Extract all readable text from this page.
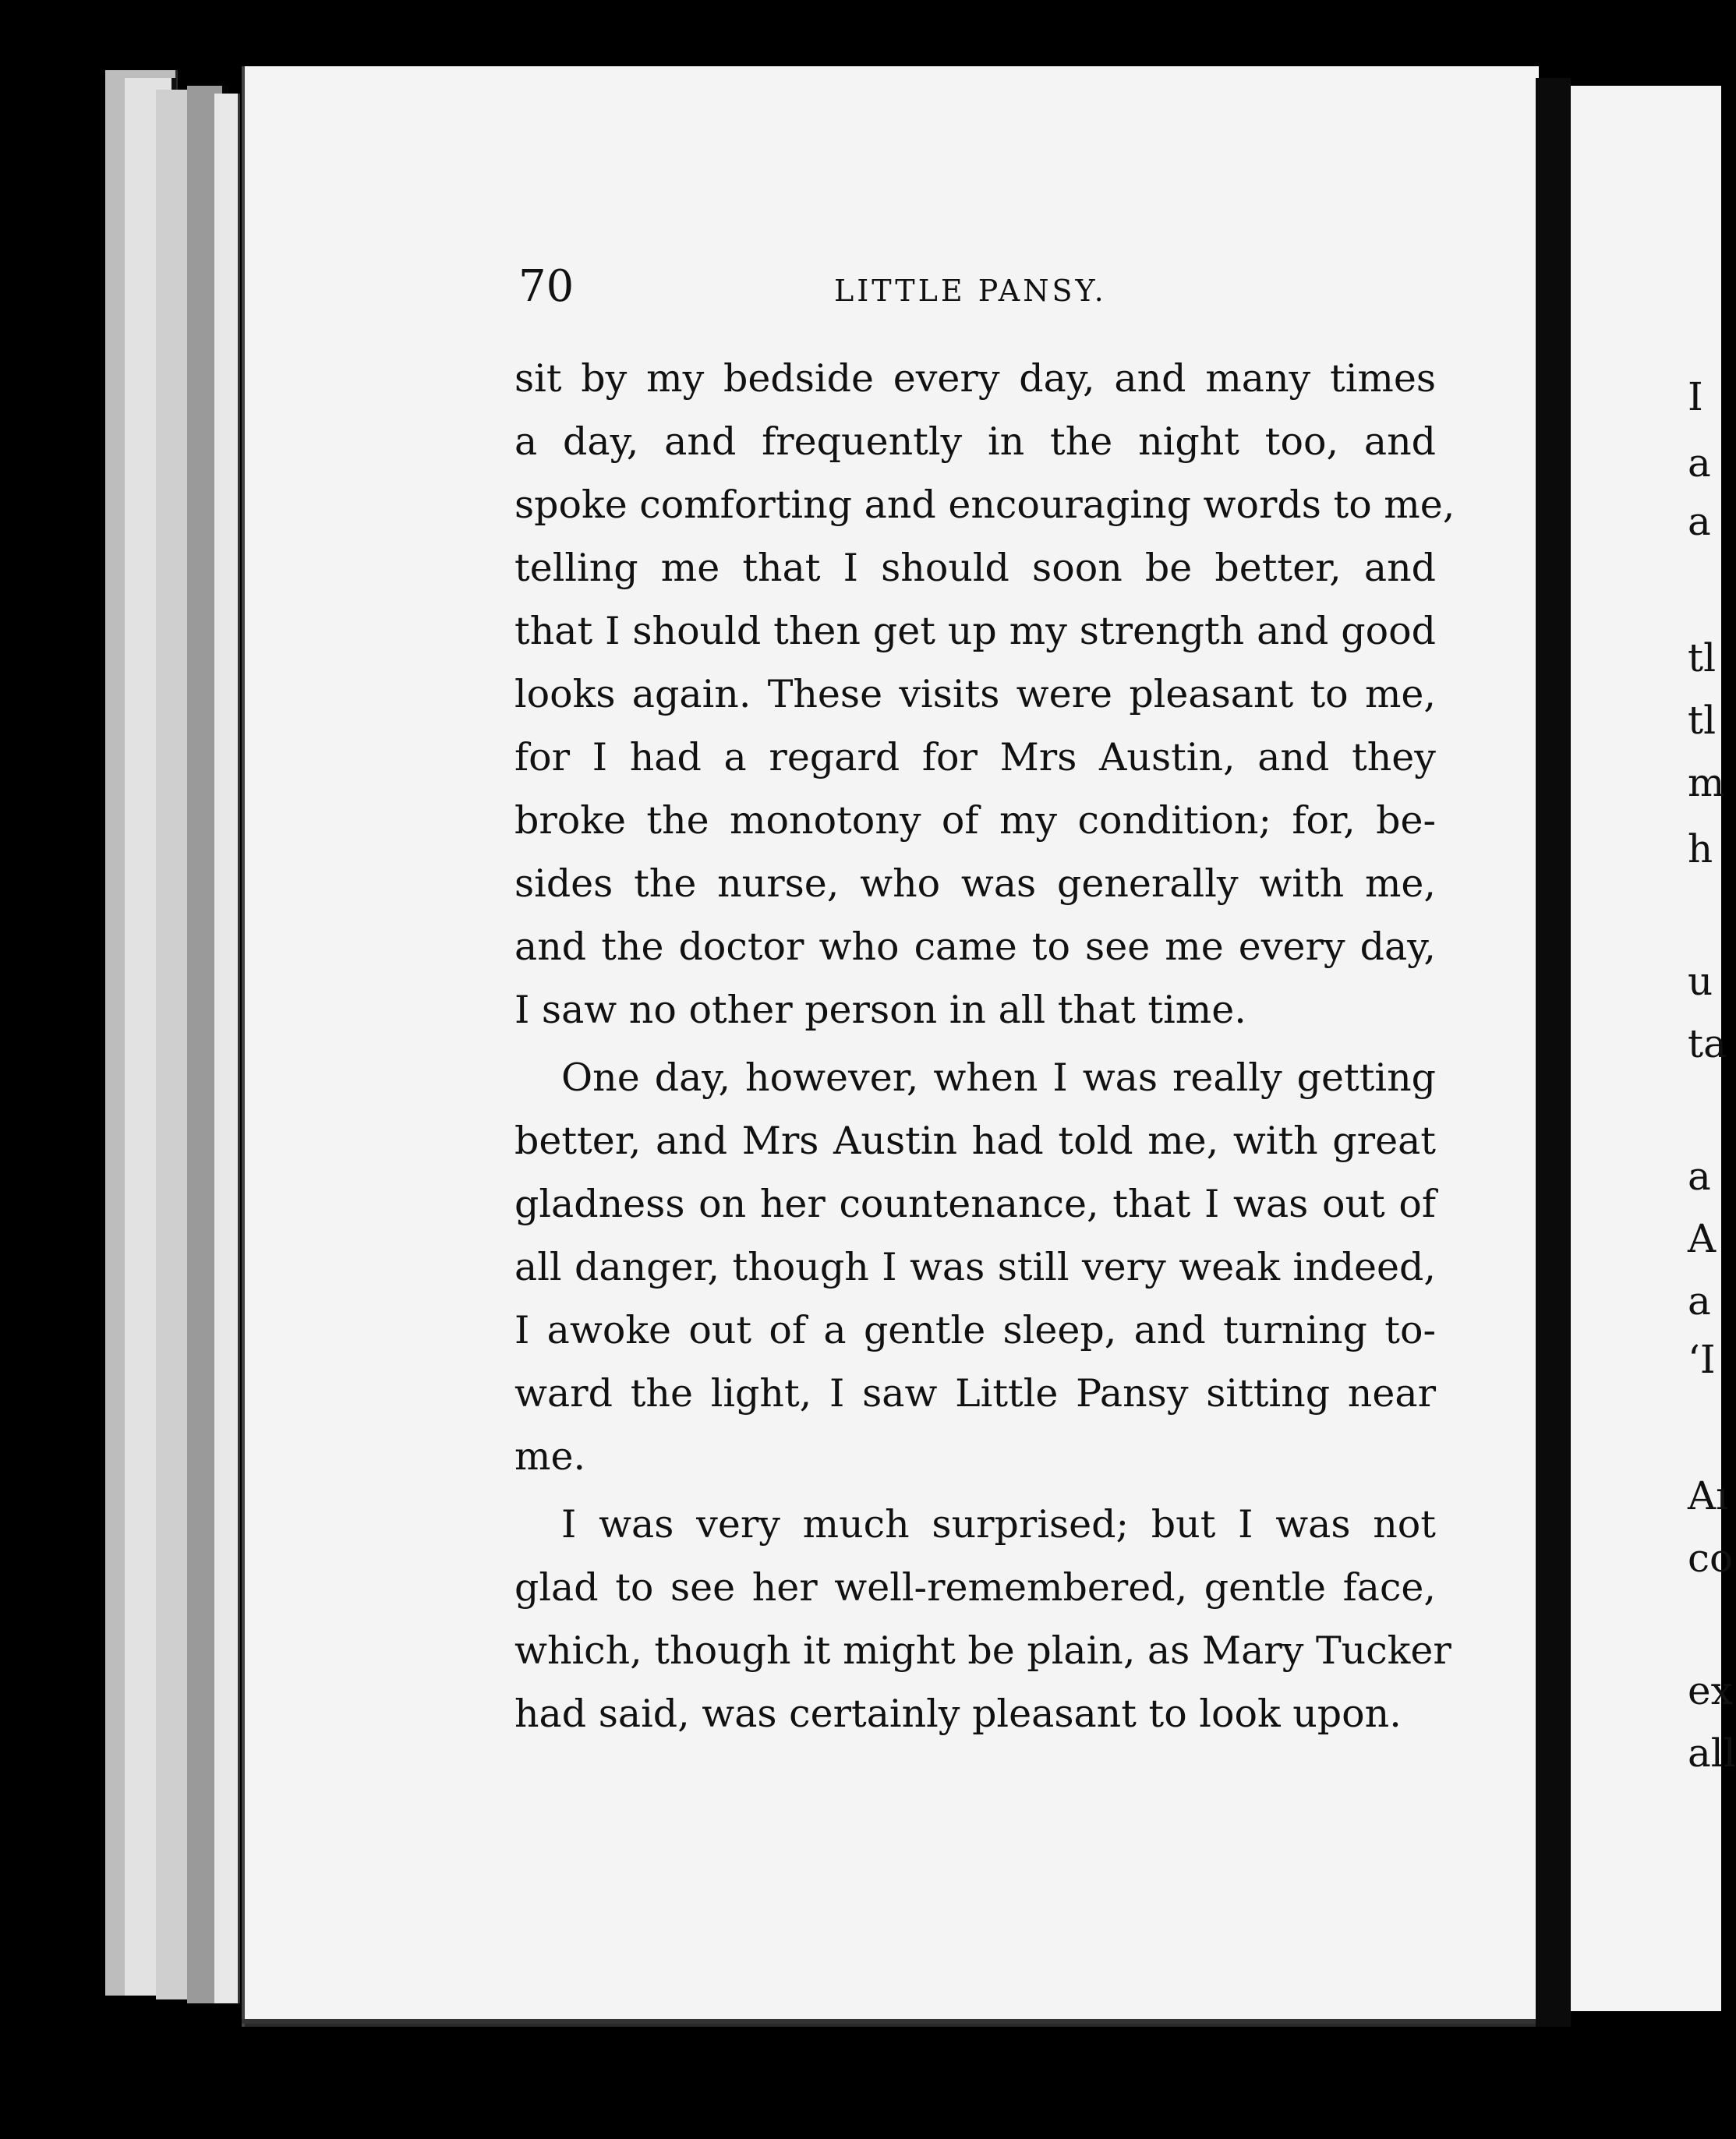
I
a
a
tl
tl
m
h
u
ta
a
A
a
‘I
Aı
co
ex
all
70	LITTLE PANSY.
sit by my bedside every day, and many times
a day, and frequently in the night too, and
spoke comforting and encouraging words to me,
telling me that I should soon be better, and
that I should then get up my strength and good
looks again. These visits were pleasant to me,
for I had a regard for Mrs Austin, and they
broke the monotony of my condition; for, be-
sides the nurse, who was generally with me,
and the doctor who came to see me every day,
I saw no other person in all that time.
One day, however, when I was really getting
better, and Mrs Austin had told me, with great
gladness on her countenance, that I was out of
all danger, though I was still very weak indeed,
I awoke out of a gentle sleep, and turning to-
ward the light, I saw Little Pansy sitting near
me.
I was very much surprised; but I was not
glad to see her well-remembered, gentle face,
which, though it might be plain, as Mary Tucker
had said, was certainly pleasant to look upon.
